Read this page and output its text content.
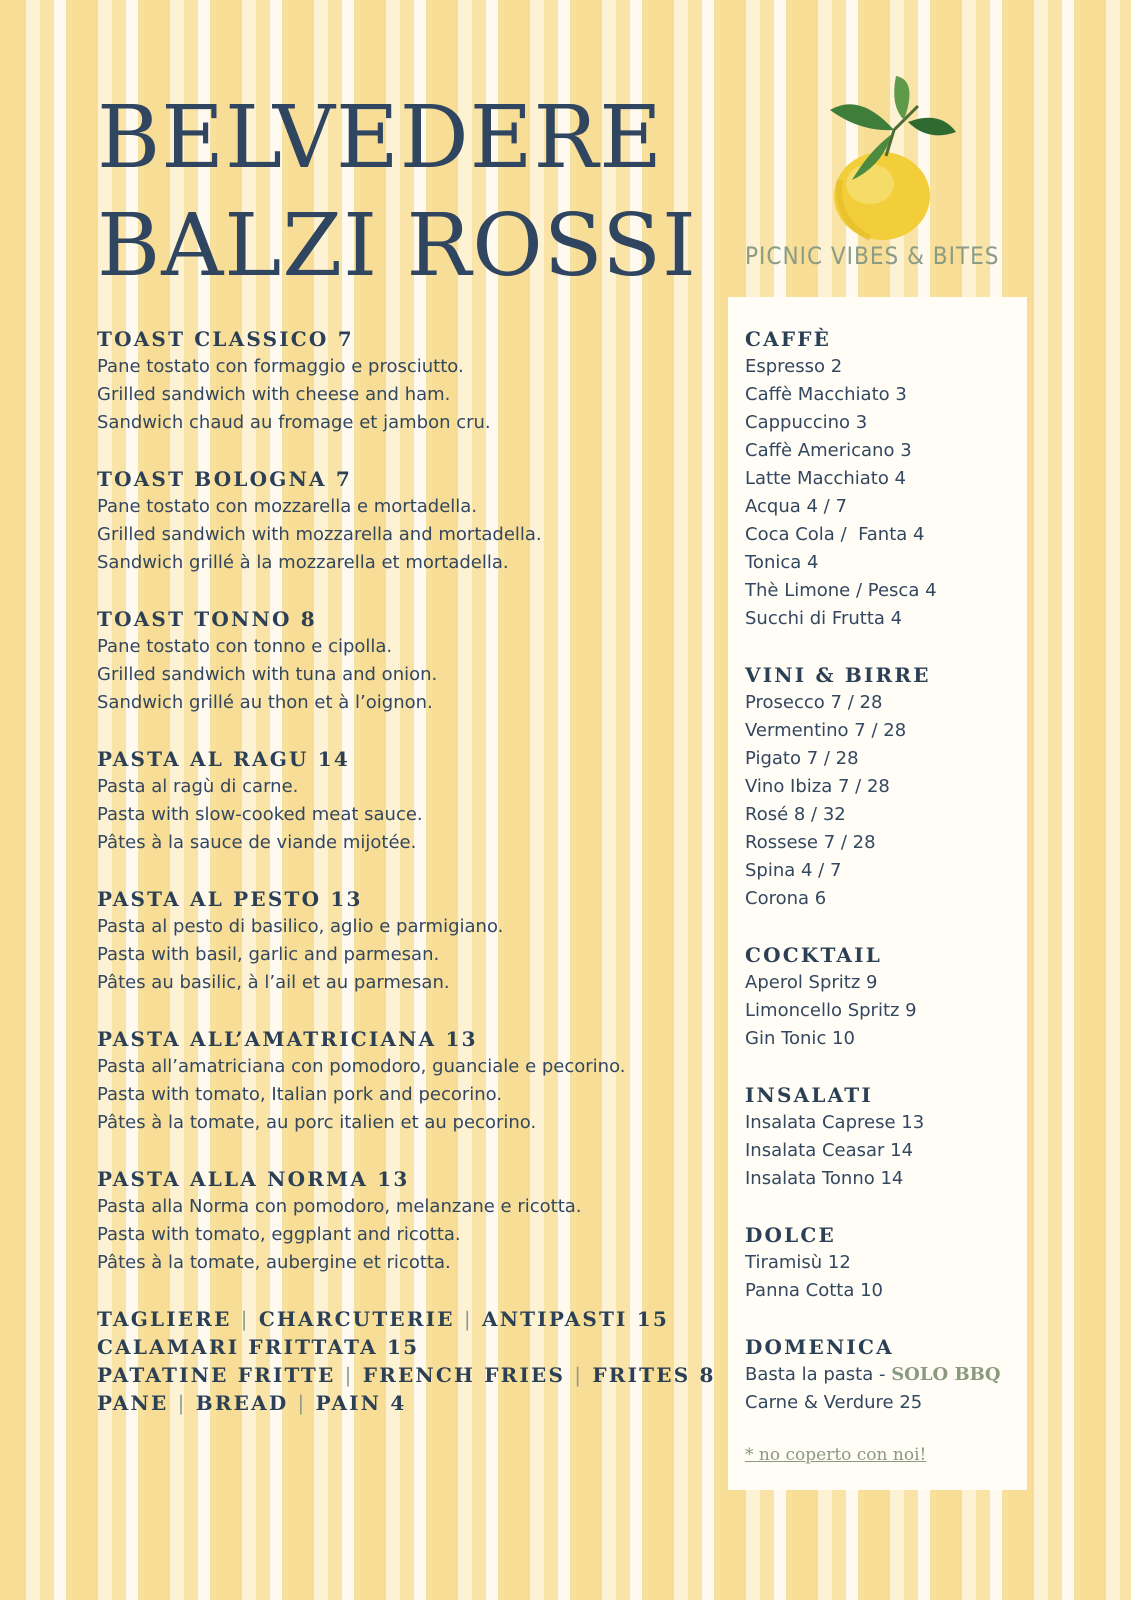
BELVEDERE
BALZI ROSSI	PICNIC VIBES & BITES
TOAST CLASSICO 7
Pane tostato con formaggio e prosciutto.
Grilled sandwich with cheese and ham.
Sandwich chaud au fromage et jambon cru.
TOAST BOLOGNA 7
Pane tostato con mozzarella e mortadella.
Grilled sandwich with mozzarella and mortadella.
Sandwich grillé à la mozzarella et mortadella.
TOAST TONNO 8
Pane tostato con tonno e cipolla.
Grilled sandwich with tuna and onion.
Sandwich grillé au thon et à l’oignon.
PASTA AL RAGU 14
Pasta al ragù di carne.
Pasta with slow-cooked meat sauce.
Pâtes à la sauce de viande mijotée.
PASTA AL PESTO 13
Pasta al pesto di basilico, aglio e parmigiano.
Pasta with basil, garlic and parmesan.
Pâtes au basilic, à l’ail et au parmesan.
PASTA ALL’AMATRICIANA 13
Pasta all’amatriciana con pomodoro, guanciale e pecorino.
Pasta with tomato, Italian pork and pecorino.
Pâtes à la tomate, au porc italien et au pecorino.
PASTA ALLA NORMA 13
Pasta alla Norma con pomodoro, melanzane e ricotta.
Pasta with tomato, eggplant and ricotta.
Pâtes à la tomate, aubergine et ricotta.
TAGLIERE | CHARCUTERIE | ANTIPASTI 15
CALAMARI FRITTATA 15
PATATINE FRITTE | FRENCH FRIES | FRITES 8
PANE | BREAD | PAIN 4
CAFFÈ
Espresso 2
Caffè Macchiato 3
Cappuccino 3
Caffè Americano 3
Latte Macchiato 4
Acqua 4 / 7
Coca Cola /  Fanta 4
Tonica 4
Thè Limone / Pesca 4
Succhi di Frutta 4
VINI & BIRRE
Prosecco 7 / 28
Vermentino 7 / 28
Pigato 7 / 28
Vino Ibiza 7 / 28
Rosé 8 / 32
Rossese 7 / 28
Spina 4 / 7
Corona 6
COCKTAIL
Aperol Spritz 9
Limoncello Spritz 9
Gin Tonic 10
INSALATI
Insalata Caprese 13
Insalata Ceasar 14
Insalata Tonno 14
DOLCE
Tiramisù 12
Panna Cotta 10
DOMENICA
Basta la pasta - SOLO BBQ
Carne & Verdure 25
* no coperto con noi!
